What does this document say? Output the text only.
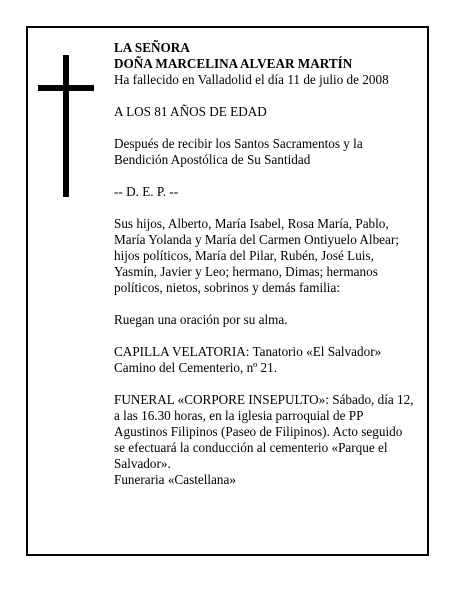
LA SEÑORA

DOÑA MARCELINA ALVEAR MARTÍN

Ha fallecido en Valladolid el día 11 de julio de 2008

A LOS 81 AÑOS DE EDAD

Después de recibir los Santos Sacramentos y la

Bendición Apostólica de Su Santidad

-- D. E. P. --

Sus hijos, Alberto, María Isabel, Rosa María, Pablo,

María Yolanda y María del Carmen Ontiyuelo Albear;

hijos políticos, María del Pilar, Rubén, José Luis,

Yasmín, Javier y Leo; hermano, Dimas; hermanos

políticos, nietos, sobrinos y demás familia:

Ruegan una oración por su alma.

CAPILLA VELATORIA: Tanatorio «El Salvador»

Camino del Cementerio, nº 21.

FUNERAL «CORPORE INSEPULTO»: Sábado, día 12,

a las 16.30 horas, en la iglesia parroquial de PP

Agustinos Filipinos (Paseo de Filipinos). Acto seguido

se efectuará la conducción al cementerio «Parque el

Salvador».

Funeraria «Castellana»
